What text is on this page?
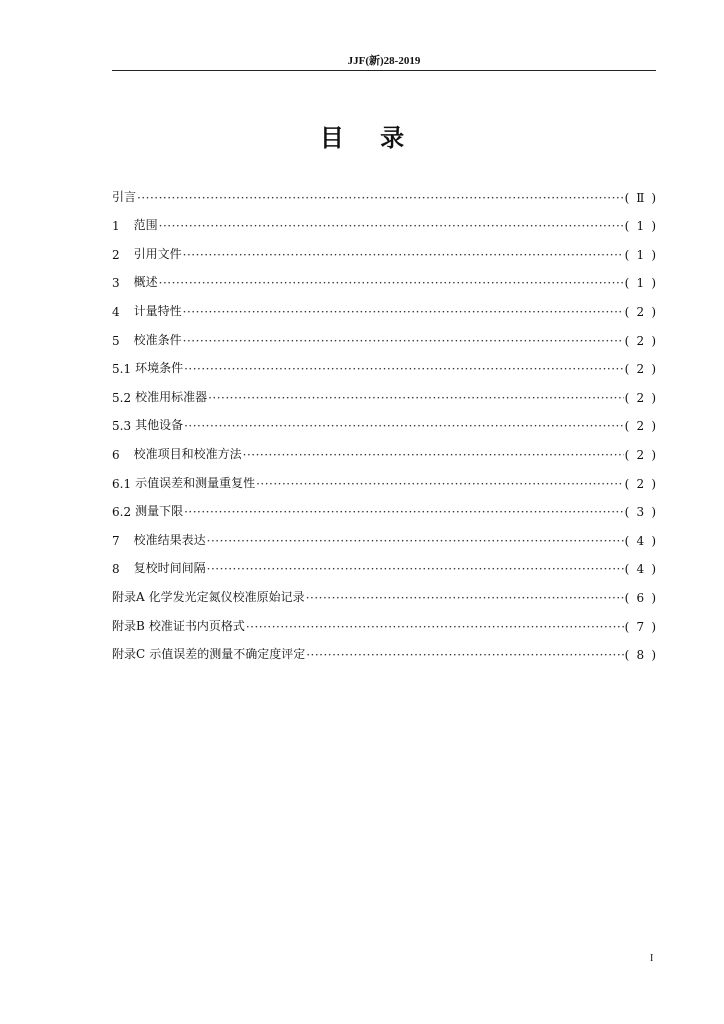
JJF(新)28-2019
目 录
引言 ·····	( Ⅱ )
1 范围 ·····	( 1 )
2 引用文件 ·····	( 1 )
3 概述 ·····	( 1 )
4 计量特性 ·····	( 2 )
5 校准条件 ·····	( 2 )
5.1 环境条件 ·····	( 2 )
5.2 校准用标准器 ·····	( 2 )
5.3 其他设备 ·····	( 2 )
6 校准项目和校准方法 ·····	( 2 )
6.1 示值误差和测量重复性 ·····	( 2 )
6.2 测量下限 ·····	( 3 )
7 校准结果表达 ·····	( 4 )
8 复校时间间隔 ·····	( 4 )
附录A 化学发光定氮仪校准原始记录 ·····	( 6 )
附录B 校准证书内页格式 ·····	( 7 )
附录C 示值误差的测量不确定度评定 ·····	( 8 )
I
